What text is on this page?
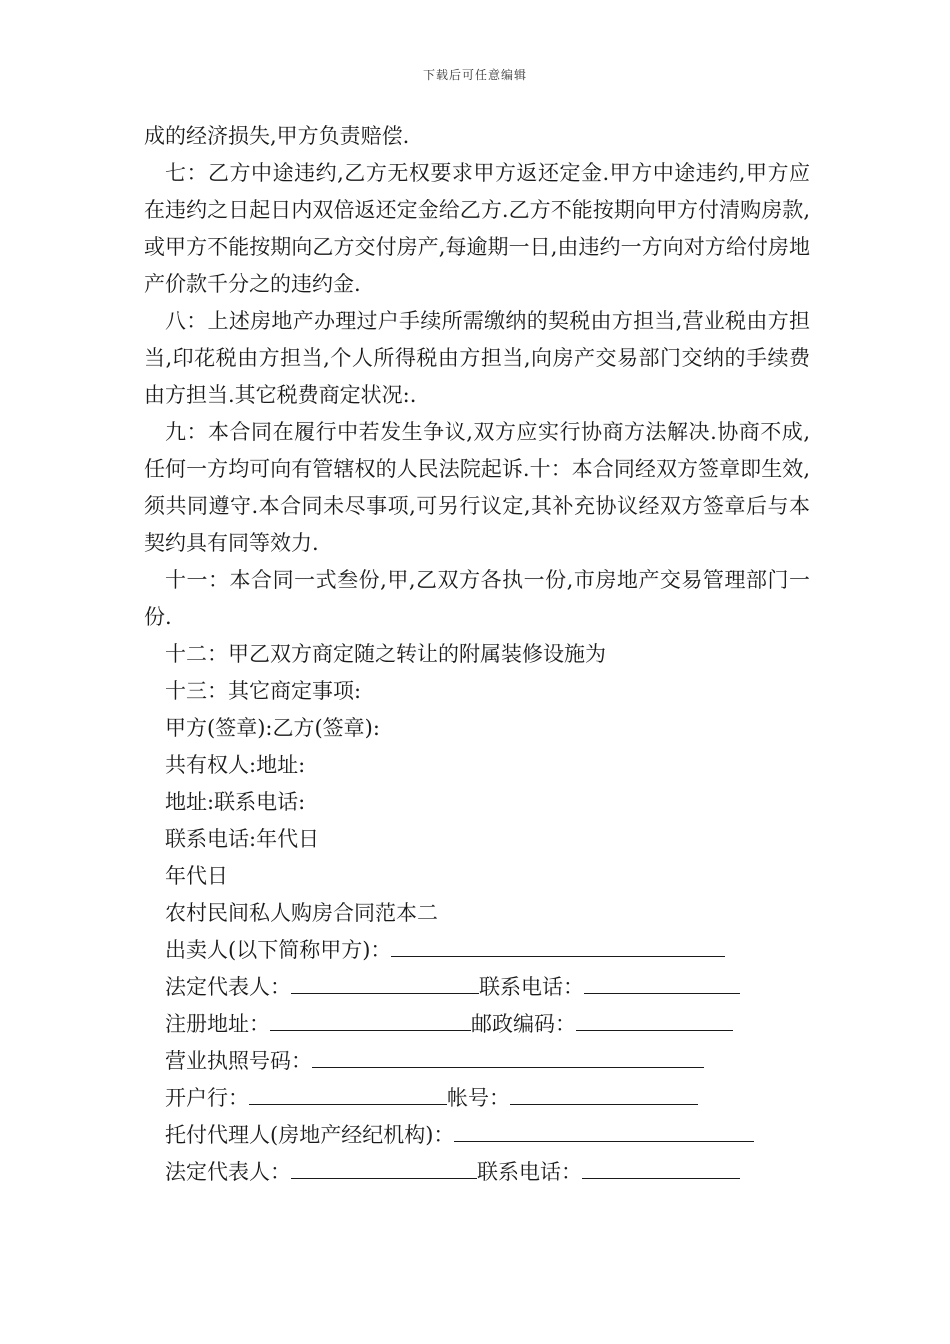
下载后可任意编辑

成的经济损失,甲方负责赔偿.

七：乙方中途违约,乙方无权要求甲方返还定金.甲方中途违约,甲方应在违约之日起日内双倍返还定金给乙方.乙方不能按期向甲方付清购房款,或甲方不能按期向乙方交付房产,每逾期一日,由违约一方向对方给付房地产价款千分之的违约金.

八：上述房地产办理过户手续所需缴纳的契税由方担当,营业税由方担当,印花税由方担当,个人所得税由方担当,向房产交易部门交纳的手续费由方担当.其它税费商定状况:.

九：本合同在履行中若发生争议,双方应实行协商方法解决.协商不成,任何一方均可向有管辖权的人民法院起诉.十：本合同经双方签章即生效,须共同遵守.本合同未尽事项,可另行议定,其补充协议经双方签章后与本契约具有同等效力.

十一：本合同一式叁份,甲,乙双方各执一份,市房地产交易管理部门一份.

十二：甲乙双方商定随之转让的附属装修设施为

十三：其它商定事项:

甲方(签章):乙方(签章):

共有权人:地址:

地址:联系电话:

联系电话:年代日

年代日

农村民间私人购房合同范本二

出卖人(以下简称甲方)：

法定代表人：	联系电话：

注册地址：	邮政编码：

营业执照号码：

开户行：	帐号：

托付代理人(房地产经纪机构)：

法定代表人：	联系电话：
